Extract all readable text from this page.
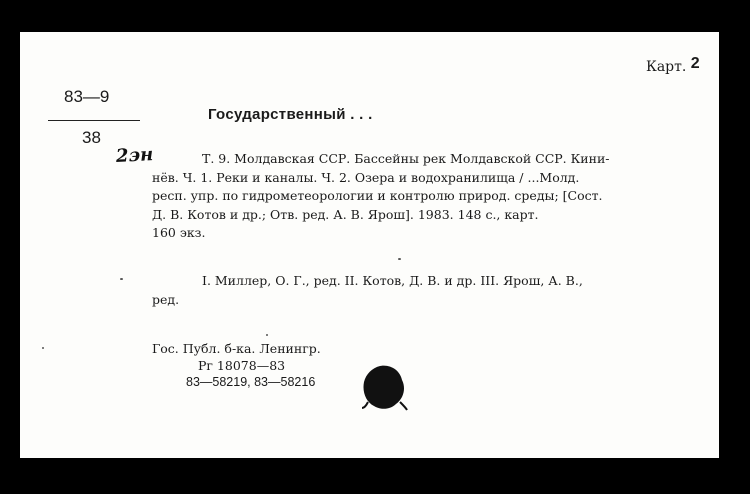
Карт. 2
83—9
38
Государственный . . .
2эн	Т. 9. Молдавская ССР. Бассейны рек Молдавской ССР. Кини-

нёв. Ч. 1. Реки и каналы. Ч. 2. Озера и водохранилища / ...Молд.

респ. упр. по гидрометеорологии и контролю природ. среды; [Сост.

Д. В. Котов и др.; Отв. ред. А. В. Ярош]. 1983. 148 с., карт.

160 экз.

I. Миллер, О. Г., ред. II. Котов, Д. В. и др. III. Ярош, А. В.,

ред.

Гос. Публ. б-ка. Ленингр.

Рг 18078—83

83—58219, 83—58216
